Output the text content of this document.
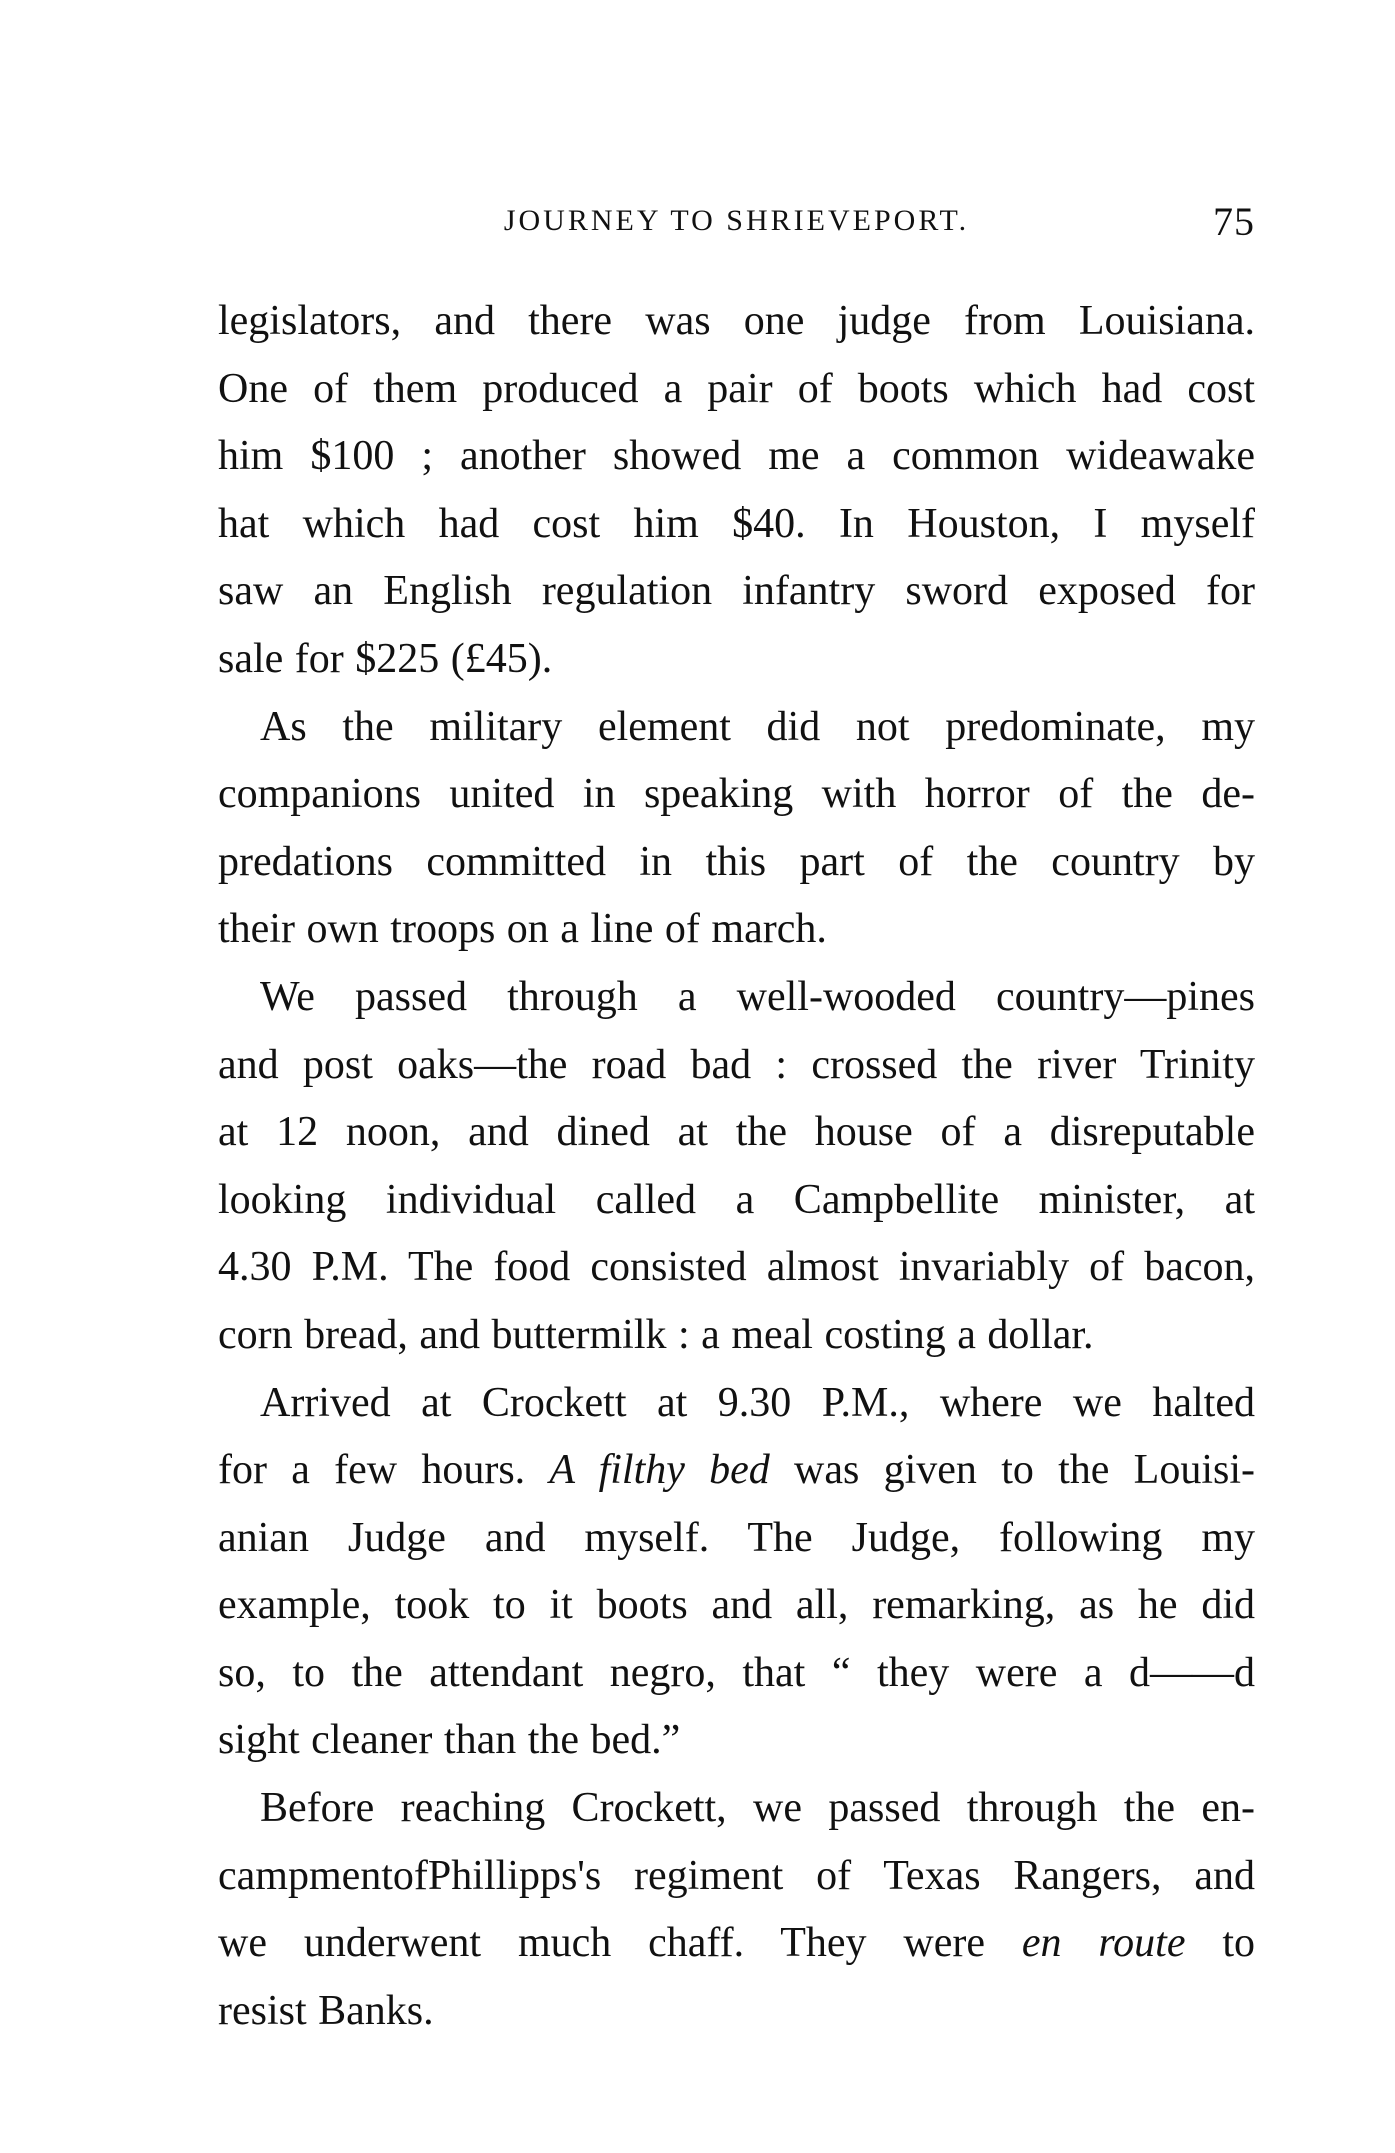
JOURNEY TO SHRIEVEPORT.	75

legislators, and there was one judge from Louisiana.
One of them produced a pair of boots which had cost
him $100 ; another showed me a common wideawake
hat which had cost him $40. In Houston, I myself
saw an English regulation infantry sword exposed for
sale for $225 (£45).

As the military element did not predominate, my
companions united in speaking with horror of the de-
predations committed in this part of the country by
their own troops on a line of march.

We passed through a well-wooded country—pines
and post oaks—the road bad : crossed the river Trinity
at 12 noon, and dined at the house of a disreputable
looking individual called a Campbellite minister, at
4.30 P.M. The food consisted almost invariably of bacon,
corn bread, and buttermilk : a meal costing a dollar.

Arrived at Crockett at 9.30 P.M., where we halted
for a few hours. A filthy bed was given to the Louisi-
anian Judge and myself. The Judge, following my
example, took to it boots and all, remarking, as he did
so, to the attendant negro, that “ they were a d——d
sight cleaner than the bed.”

Before reaching Crockett, we passed through the en-
campmentofPhillipps's regiment of Texas Rangers, and
we underwent much chaff. They were en route to
resist Banks.
